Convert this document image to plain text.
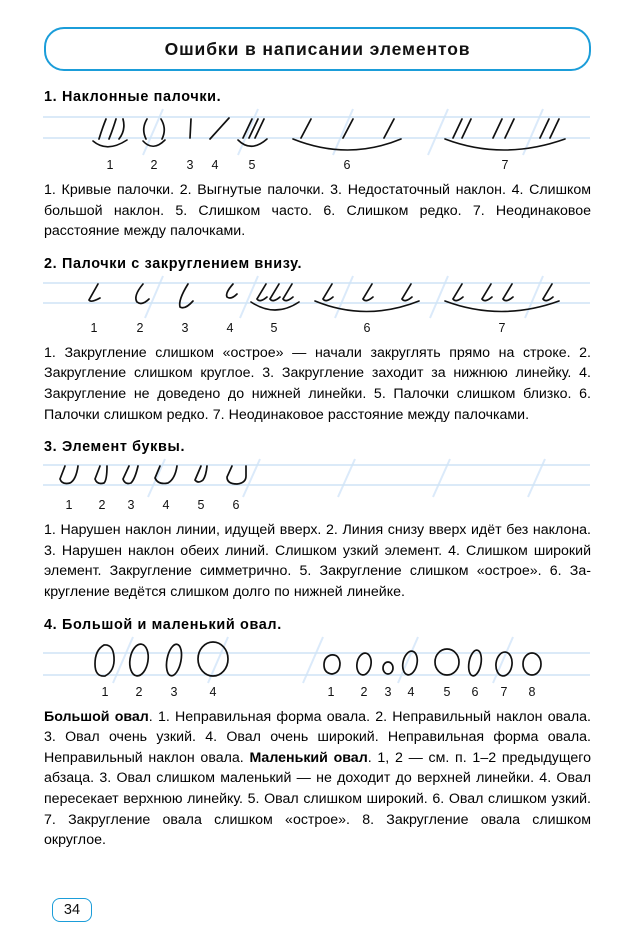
Ошибки в написании элементов
1. Наклонные палочки.
1	2 3 4 5	6	7

1. Кривые палочки. 2. Выгнутые палочки. 3. Недостаточный наклон. 4. Слишком большой наклон. 5. Слишком часто. 6. Слишком редко. 7. Неодинаковое расстояние между палочками.

2. Палочки с закруглением внизу.
1	2	3	4	5	6	7

1. Закругление слишком «острое» — начали закруглять прямо на строке. 2. Закругление слишком круглое. 3. Закругление заходит за нижнюю линейку. 4. Закругление не доведено до нижней линейки. 5. Палочки слишком близко. 6. Палочки слишком редко. 7. Неодинаковое расстояние между палочками.

3. Элемент буквы.
1 2 3 4 5 6

1. Нарушен наклон линии, идущей вверх. 2. Линия снизу вверх идёт без наклона. 3. Нарушен наклон обеих линий. Слишком узкий элемент. 4. Слишком широкий элемент. Закругление симметрично. 5. Закругление слишком «острое». 6. Закругление ведётся слишком долго по нижней линейке.

4. Большой и маленький овал.
1 2 3	4	1 2 3 4 5 6 7 8

Большой овал. 1. Неправильная форма овала. 2. Неправильный наклон овала. 3. Овал очень узкий. 4. Овал очень широкий. Неправильная форма овала. Неправильный наклон овала. Маленький овал. 1, 2 — см. п. 1–2 предыдущего абзаца. 3. Овал слишком маленький — не доходит до верхней линейки. 4. Овал пересекает верхнюю линейку. 5. Овал слишком широкий. 6. Овал слишком узкий. 7. Закругление овала слишком «острое». 8. Закругление овала слишком округлое.

34
